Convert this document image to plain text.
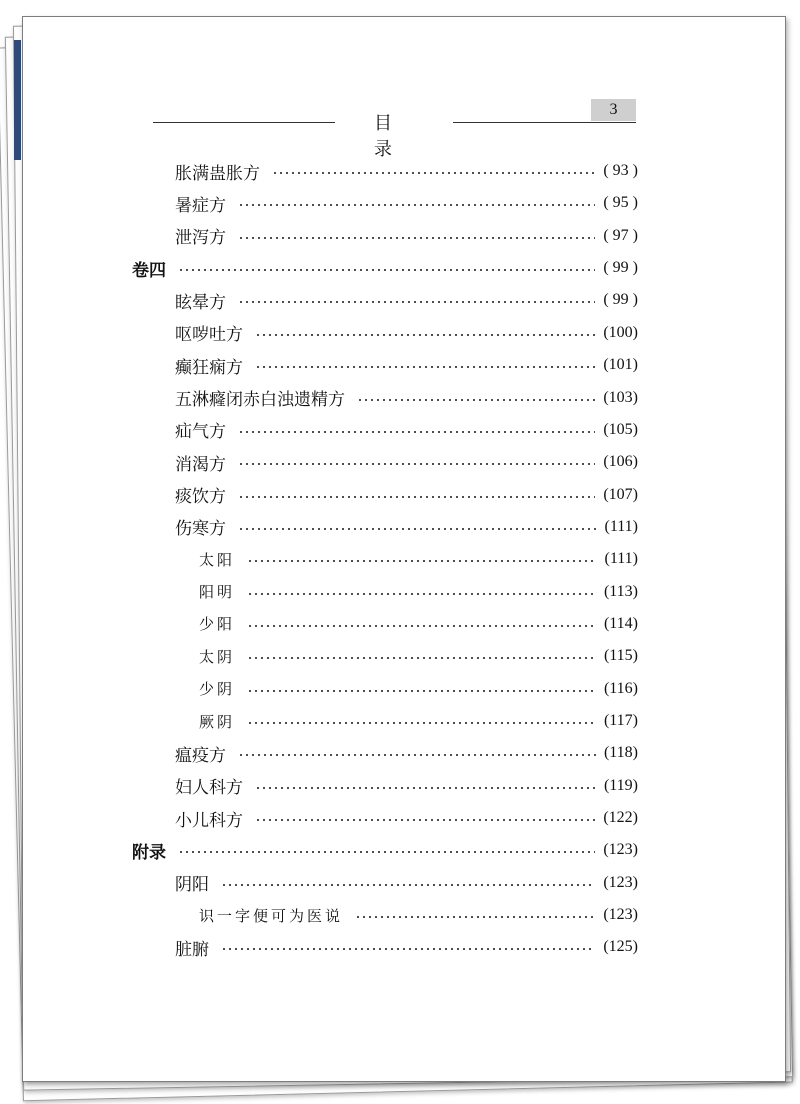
目 录
3
胀满蛊胀方	( 93 )
暑症方	( 95 )
泄泻方	( 97 )
卷四	( 99 )
眩晕方	( 99 )
呕哕吐方	(100)
癫狂痫方	(101)
五淋癃闭赤白浊遗精方	(103)
疝气方	(105)
消渴方	(106)
痰饮方	(107)
伤寒方	(111)
太阳	(111)
阳明	(113)
少阳	(114)
太阴	(115)
少阴	(116)
厥阴	(117)
瘟疫方	(118)
妇人科方	(119)
小儿科方	(122)
附录	(123)
阴阳	(123)
识一字便可为医说	(123)
脏腑	(125)
